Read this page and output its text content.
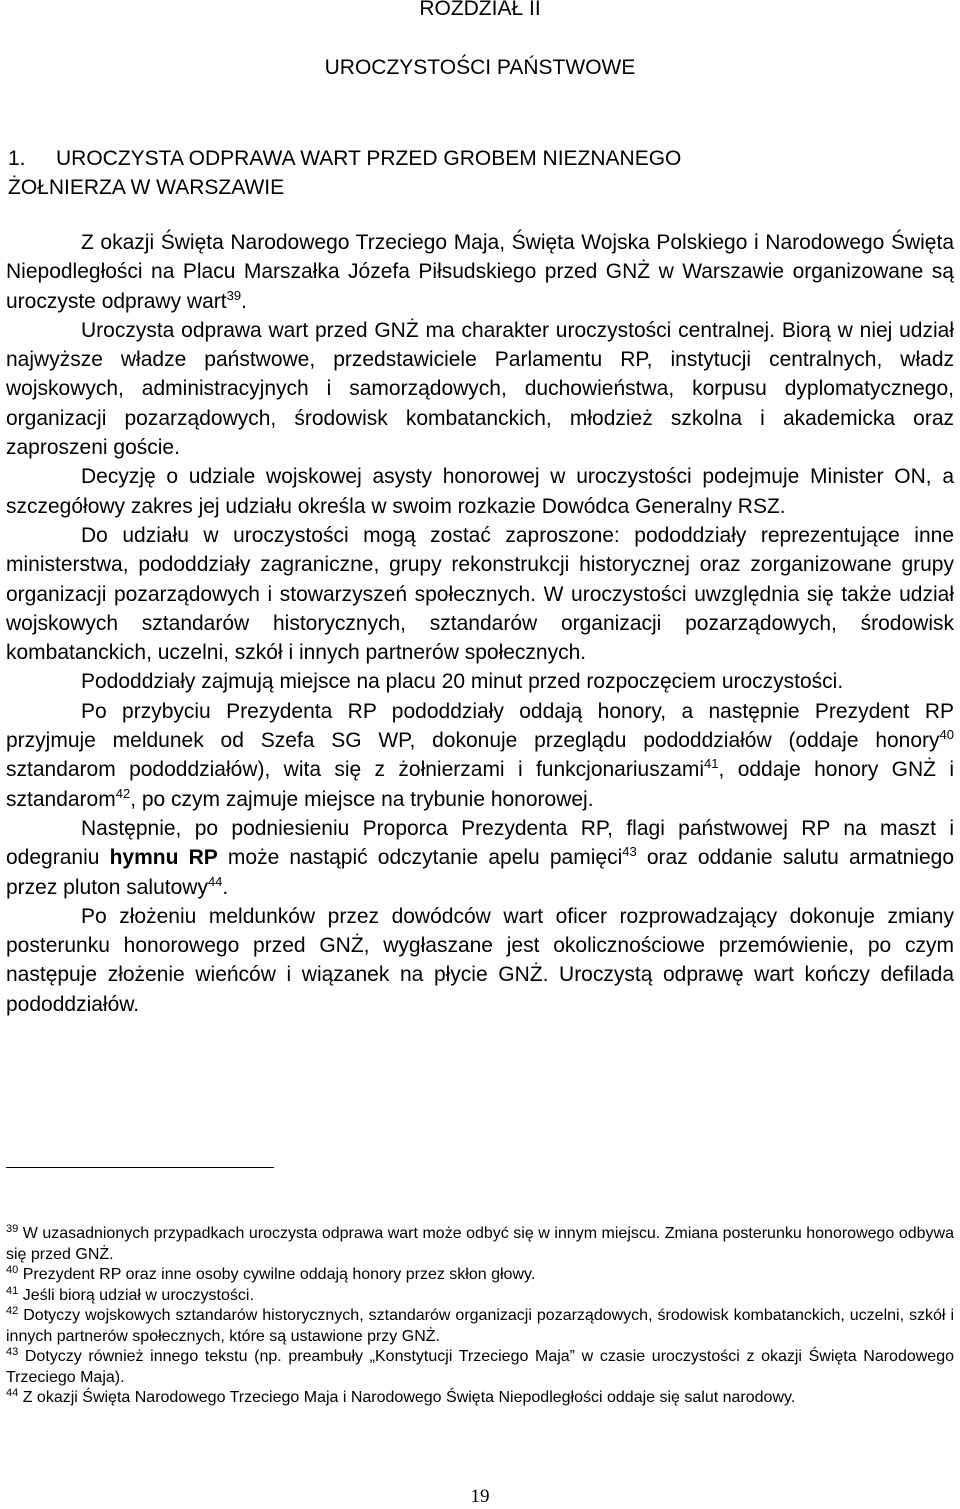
ROZDZIAŁ II
UROCZYSTOŚCI PAŃSTWOWE
1. UROCZYSTA ODPRAWA WART PRZED GROBEM NIEZNANEGO
ŻOŁNIERZA W WARSZAWIE

Z okazji Święta Narodowego Trzeciego Maja, Święta Wojska Polskiego i Narodowego Święta Niepodległości na Placu Marszałka Józefa Piłsudskiego przed GNŻ w Warszawie organizowane są uroczyste odprawy wart$^{39}$.

Uroczysta odprawa wart przed GNŻ ma charakter uroczystości centralnej. Biorą w niej udział najwyższe władze państwowe, przedstawiciele Parlamentu RP, instytucji centralnych, władz wojskowych, administracyjnych i samorządowych, duchowieństwa, korpusu dyplomatycznego, organizacji pozarządowych, środowisk kombatanckich, młodzież szkolna i akademicka oraz zaproszeni goście.

Decyzję o udziale wojskowej asysty honorowej w uroczystości podejmuje Minister ON, a szczegółowy zakres jej udziału określa w swoim rozkazie Dowódca Generalny RSZ.

Do udziału w uroczystości mogą zostać zaproszone: pododdziały reprezentujące inne ministerstwa, pododdziały zagraniczne, grupy rekonstrukcji historycznej oraz zorganizowane grupy organizacji pozarządowych i stowarzyszeń społecznych. W uroczystości uwzględnia się także udział wojskowych sztandarów historycznych, sztandarów organizacji pozarządowych, środowisk kombatanckich, uczelni, szkół i innych partnerów społecznych.

Pododdziały zajmują miejsce na placu 20 minut przed rozpoczęciem uroczystości.

Po przybyciu Prezydenta RP pododdziały oddają honory, a następnie Prezydent RP przyjmuje meldunek od Szefa SG WP, dokonuje przeglądu pododdziałów (oddaje honory$^{40}$ sztandarom pododdziałów), wita się z żołnierzami i funkcjonariuszami$^{41}$, oddaje honory GNŻ i sztandarom$^{42}$, po czym zajmuje miejsce na trybunie honorowej.

Następnie, po podniesieniu Proporca Prezydenta RP, flagi państwowej RP na maszt i odegraniu hymnu RP może nastąpić odczytanie apelu pamięci$^{43}$ oraz oddanie salutu armatniego przez pluton salutowy$^{44}$.

Po złożeniu meldunków przez dowódców wart oficer rozprowadzający dokonuje zmiany posterunku honorowego przed GNŻ, wygłaszane jest okolicznościowe przemówienie, po czym następuje złożenie wieńców i wiązanek na płycie GNŻ. Uroczystą odprawę wart kończy defilada pododdziałów.

$^{39}$ W uzasadnionych przypadkach uroczysta odprawa wart może odbyć się w innym miejscu. Zmiana posterunku honorowego odbywa się przed GNŻ.

$^{40}$ Prezydent RP oraz inne osoby cywilne oddają honory przez skłon głowy.

$^{41}$ Jeśli biorą udział w uroczystości.

$^{42}$ Dotyczy wojskowych sztandarów historycznych, sztandarów organizacji pozarządowych, środowisk kombatanckich, uczelni, szkół i innych partnerów społecznych, które są ustawione przy GNŻ.

$^{43}$ Dotyczy również innego tekstu (np. preambuły „Konstytucji Trzeciego Maja” w czasie uroczystości z okazji Święta Narodowego Trzeciego Maja).

$^{44}$ Z okazji Święta Narodowego Trzeciego Maja i Narodowego Święta Niepodległości oddaje się salut narodowy.

19
